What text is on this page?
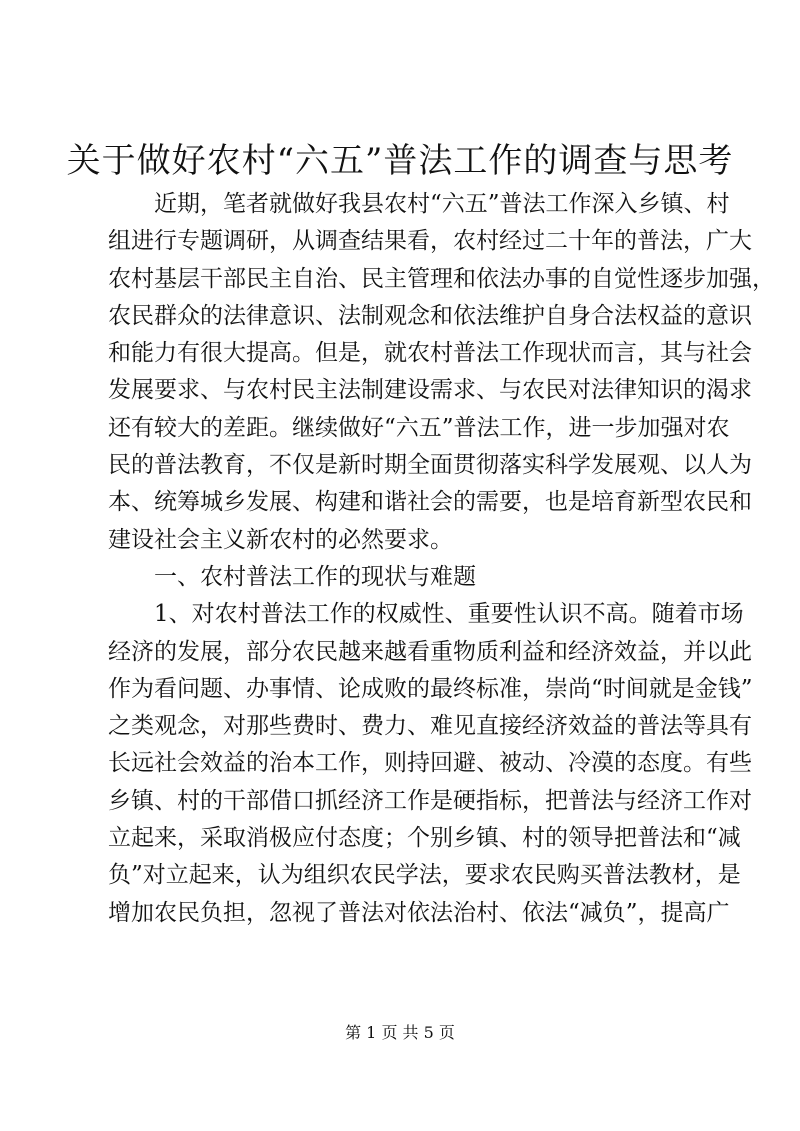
关于做好农村“六五”普法工作的调查与思考
近期，笔者就做好我县农村“六五”普法工作深入乡镇、村
组进行专题调研，从调查结果看，农村经过二十年的普法，广大
农村基层干部民主自治、民主管理和依法办事的自觉性逐步加强，
农民群众的法律意识、法制观念和依法维护自身合法权益的意识
和能力有很大提高。但是，就农村普法工作现状而言，其与社会
发展要求、与农村民主法制建设需求、与农民对法律知识的渴求
还有较大的差距。继续做好“六五”普法工作，进一步加强对农
民的普法教育，不仅是新时期全面贯彻落实科学发展观、以人为
本、统筹城乡发展、构建和谐社会的需要，也是培育新型农民和
建设社会主义新农村的必然要求。
一、农村普法工作的现状与难题
1、对农村普法工作的权威性、重要性认识不高。随着市场
经济的发展，部分农民越来越看重物质利益和经济效益，并以此
作为看问题、办事情、论成败的最终标准，崇尚“时间就是金钱”
之类观念，对那些费时、费力、难见直接经济效益的普法等具有
长远社会效益的治本工作，则持回避、被动、冷漠的态度。有些
乡镇、村的干部借口抓经济工作是硬指标，把普法与经济工作对
立起来，采取消极应付态度；个别乡镇、村的领导把普法和“减
负”对立起来，认为组织农民学法，要求农民购买普法教材，是
增加农民负担，忽视了普法对依法治村、依法“减负”，提高广
第 1 页 共 5 页
